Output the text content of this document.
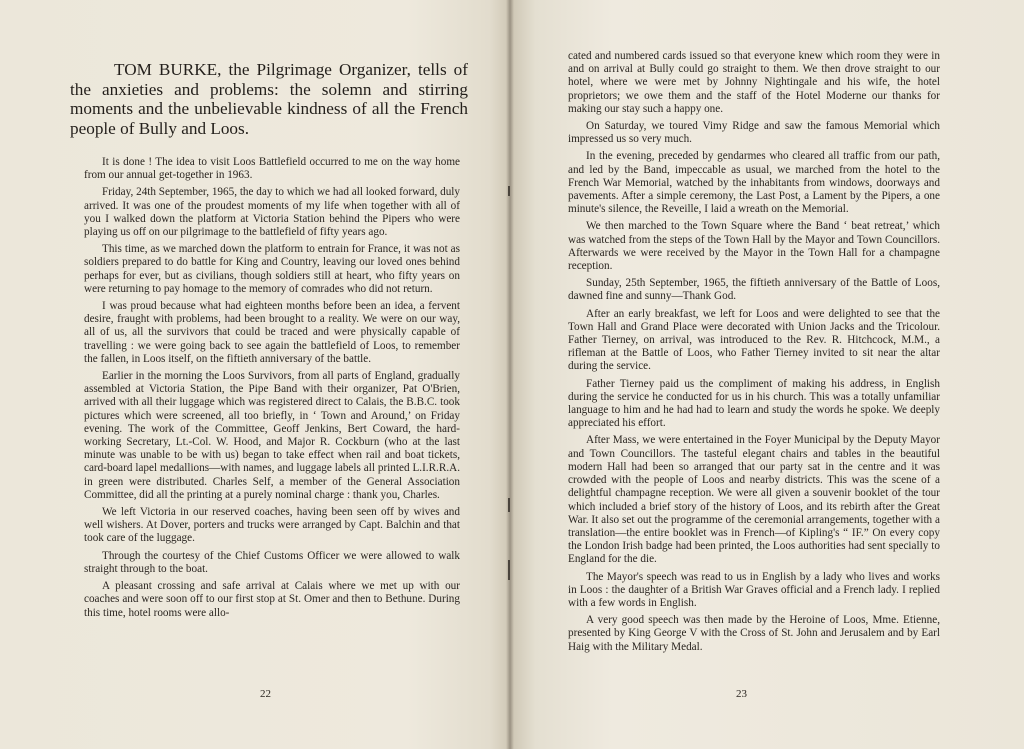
TOM BURKE, the Pilgrimage Organizer, tells of the anxieties and problems: the solemn and stirring moments and the unbelievable kindness of all the French people of Bully and Loos.

It is done ! The idea to visit Loos Battlefield occurred to me on the way home from our annual get-together in 1963.

Friday, 24th September, 1965, the day to which we had all looked forward, duly arrived. It was one of the proudest moments of my life when together with all of you I walked down the platform at Victoria Station behind the Pipers who were playing us off on our pilgrimage to the battlefield of fifty years ago.

This time, as we marched down the platform to entrain for France, it was not as soldiers prepared to do battle for King and Country, leaving our loved ones behind perhaps for ever, but as civilians, though soldiers still at heart, who fifty years on were returning to pay homage to the memory of comrades who did not return.

I was proud because what had eighteen months before been an idea, a fervent desire, fraught with problems, had been brought to a reality. We were on our way, all of us, all the survivors that could be traced and were physically capable of travelling : we were going back to see again the battlefield of Loos, to remember the fallen, in Loos itself, on the fiftieth anniversary of the battle.

Earlier in the morning the Loos Survivors, from all parts of England, gradually assembled at Victoria Station, the Pipe Band with their organizer, Pat O'Brien, arrived with all their luggage which was registered direct to Calais, the B.B.C. took pictures which were screened, all too briefly, in ‘ Town and Around,’ on Friday evening. The work of the Committee, Geoff Jenkins, Bert Coward, the hard-working Secretary, Lt.-Col. W. Hood, and Major R. Cockburn (who at the last minute was unable to be with us) began to take effect when rail and boat tickets, card-board lapel medallions—with names, and luggage labels all printed L.I.R.R.A. in green were distributed. Charles Self, a member of the General Association Committee, did all the printing at a purely nominal charge : thank you, Charles.

We left Victoria in our reserved coaches, having been seen off by wives and well wishers. At Dover, porters and trucks were arranged by Capt. Balchin and that took care of the luggage.

Through the courtesy of the Chief Customs Officer we were allowed to walk straight through to the boat.

A pleasant crossing and safe arrival at Calais where we met up with our coaches and were soon off to our first stop at St. Omer and then to Bethune. During this time, hotel rooms were allo-

22

cated and numbered cards issued so that everyone knew which room they were in and on arrival at Bully could go straight to them. We then drove straight to our hotel, where we were met by Johnny Nightingale and his wife, the hotel proprietors; we owe them and the staff of the Hotel Moderne our thanks for making our stay such a happy one.

On Saturday, we toured Vimy Ridge and saw the famous Memorial which impressed us so very much.

In the evening, preceded by gendarmes who cleared all traffic from our path, and led by the Band, impeccable as usual, we marched from the hotel to the French War Memorial, watched by the inhabitants from windows, doorways and pavements. After a simple ceremony, the Last Post, a Lament by the Pipers, a one minute's silence, the Reveille, I laid a wreath on the Memorial.

We then marched to the Town Square where the Band ‘ beat retreat,’ which was watched from the steps of the Town Hall by the Mayor and Town Councillors. Afterwards we were received by the Mayor in the Town Hall for a champagne reception.

Sunday, 25th September, 1965, the fiftieth anniversary of the Battle of Loos, dawned fine and sunny—Thank God.

After an early breakfast, we left for Loos and were delighted to see that the Town Hall and Grand Place were decorated with Union Jacks and the Tricolour. Father Tierney, on arrival, was introduced to the Rev. R. Hitchcock, M.M., a rifleman at the Battle of Loos, who Father Tierney invited to sit near the altar during the service.

Father Tierney paid us the compliment of making his address, in English during the service he conducted for us in his church. This was a totally unfamiliar language to him and he had had to learn and study the words he spoke. We deeply appreciated his effort.

After Mass, we were entertained in the Foyer Municipal by the Deputy Mayor and Town Councillors. The tasteful elegant chairs and tables in the beautiful modern Hall had been so arranged that our party sat in the centre and it was crowded with the people of Loos and nearby districts. This was the scene of a delightful champagne reception. We were all given a souvenir booklet of the tour which included a brief story of the history of Loos, and its rebirth after the Great War. It also set out the programme of the ceremonial arrangements, together with a translation—the entire booklet was in French—of Kipling's “ IF.” On every copy the London Irish badge had been printed, the Loos authorities had sent specially to England for the die.

The Mayor's speech was read to us in English by a lady who lives and works in Loos : the daughter of a British War Graves official and a French lady. I replied with a few words in English.

A very good speech was then made by the Heroine of Loos, Mme. Etienne, presented by King George V with the Cross of St. John and Jerusalem and by Earl Haig with the Military Medal.

23
